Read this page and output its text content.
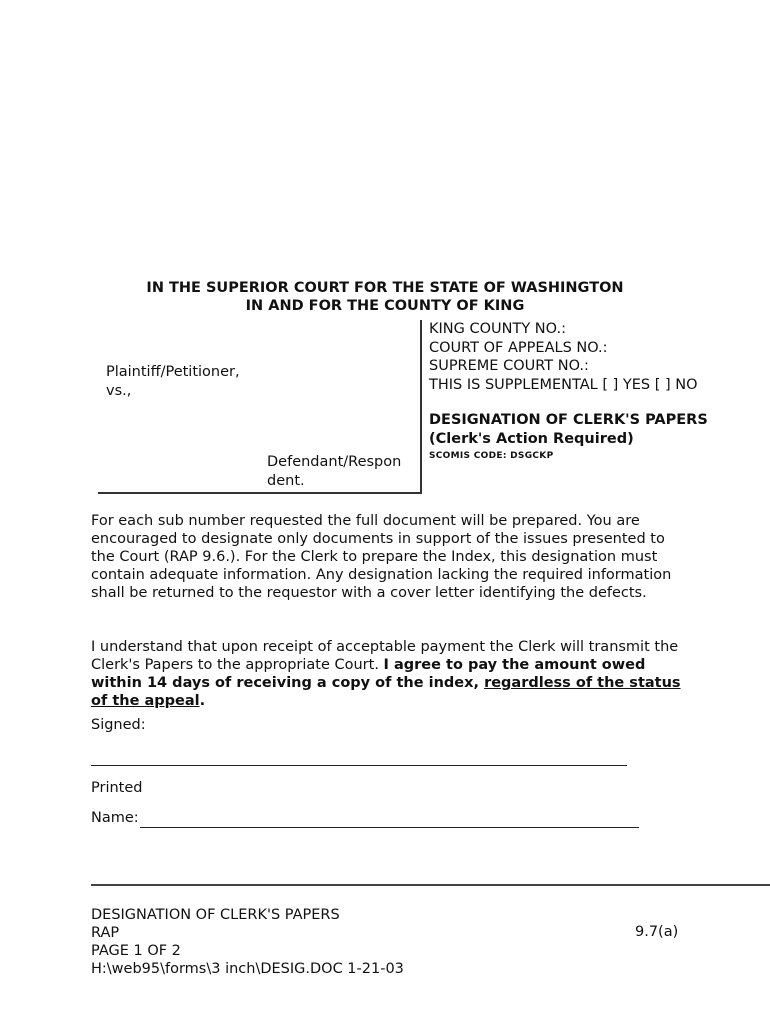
IN THE SUPERIOR COURT FOR THE STATE OF WASHINGTON
IN AND FOR THE COUNTY OF KING
Plaintiff/Petitioner,
vs.,
Defendant/Respon
dent.
KING COUNTY NO.:
COURT OF APPEALS NO.:
SUPREME COURT NO.:
THIS IS SUPPLEMENTAL [ ] YES [ ] NO
DESIGNATION OF CLERK'S PAPERS
(Clerk's Action Required)
SCOMIS CODE: DSGCKP
For each sub number requested the full document will be prepared. You are encouraged to designate only documents in support of the issues presented to the Court (RAP 9.6.). For the Clerk to prepare the Index, this designation must contain adequate information. Any designation lacking the required information shall be returned to the requestor with a cover letter identifying the defects.
I understand that upon receipt of acceptable payment the Clerk will transmit the Clerk's Papers to the appropriate Court. I agree to pay the amount owed within 14 days of receiving a copy of the index, regardless of the status of the appeal.
Signed:
Printed
Name:
DESIGNATION OF CLERK'S PAPERS
RAP
PAGE 1 OF 2
H:\web95\forms\3 inch\DESIG.DOC 1-21-03
9.7(a)
